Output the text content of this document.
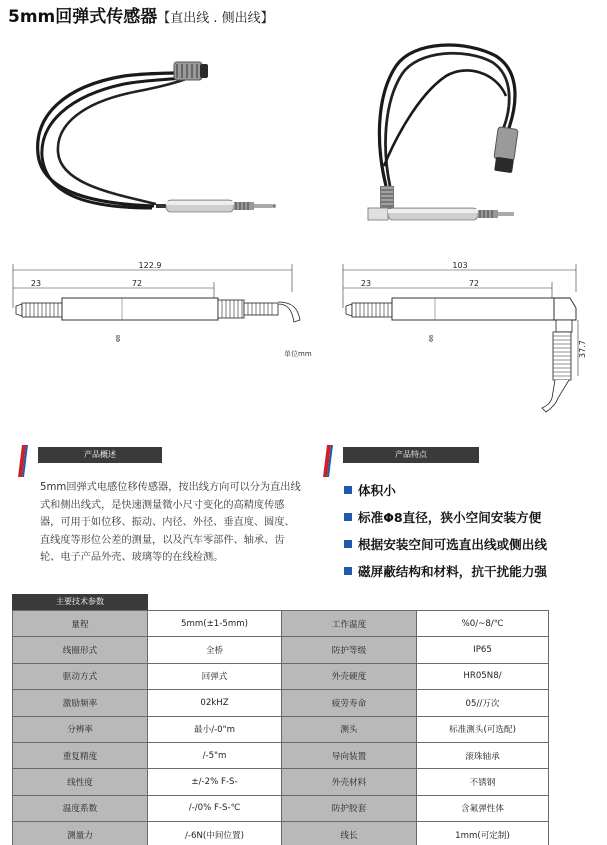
5mm回弹式传感器【直出线 . 侧出线】
122.9
23	72
Φ8
单位mm
103
23	72
37.7
Φ8
产品概述

5mm回弹式电感位移传感器，按出线方向可以分为直出线式和侧出线式，是快速测量微小尺寸变化的高精度传感器，可用于如位移、振动、内径、外径、垂直度、圆度、直线度等形位公差的测量，以及汽车零部件、轴承、齿轮、电子产品外壳、玻璃等的在线检测。

产品特点
体积小
标准Φ8直径，狭小空间安装方便
根据安装空间可选直出线或侧出线
磁屏蔽结构和材料，抗干扰能力强
主要技术参数
量程	5mm(±1-5mm)	工作温度	%0/~8/℃
线圈形式	全桥	防护等级	IP65
驱动方式	回弹式	外壳硬度	HR05N8/
激励频率	02kHZ	疲劳寿命	05//万次
分辨率	最小/-0"m	测头	标准测头(可选配)
重复精度	/-5"m	导向装置	滚珠轴承
线性度	±/-2% F-S-	外壳材料	不锈钢
温度系数	/-/0% F-S-℃	防护胶套	含氟弹性体
测量力	/-6N(中间位置)	线长	1mm(可定制)
